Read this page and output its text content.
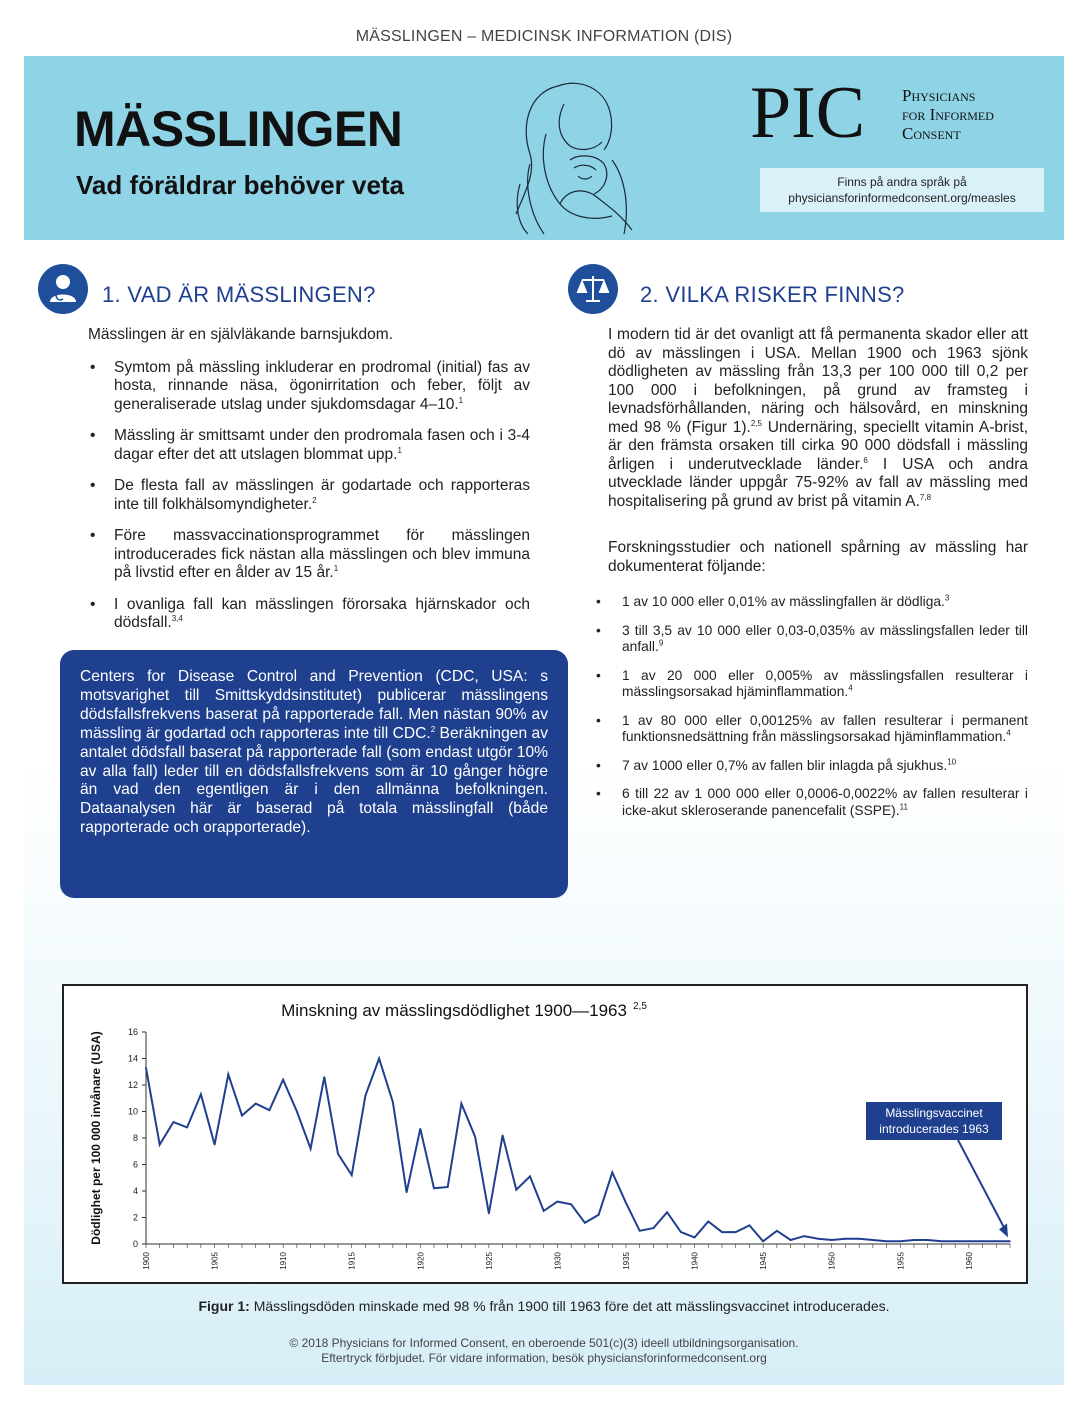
MÄSSLINGEN – MEDICINSK INFORMATION (DIS)
MÄSSLINGEN
Vad föräldrar behöver veta
PIC Physicians
for Informed
Consent
Finns på andra språk på
physiciansforinformedconsent.org/measles
1. VAD ÄR MÄSSLINGEN?

Mässlingen är en självläkande barnsjukdom.

• Symtom på mässling inkluderar en prodromal (initial) fas av hosta, rinnande näsa, ögonirritation och feber, följt av generaliserade utslag under sjukdomsdagar 4–10.$^1$
• Mässling är smittsamt under den prodromala fasen och i 3-4 dagar efter det att utslagen blommat upp.$^1$
• De flesta fall av mässlingen är godartade och rapporteras inte till folkhälsomyndigheter.$^2$
• Före massvaccinationsprogrammet för mässlingen introducerades fick nästan alla mässlingen och blev immuna på livstid efter en ålder av 15 år.$^1$
• I ovanliga fall kan mässlingen förorsaka hjärnskador och dödsfall.$^{3,4}$
Centers for Disease Control and Prevention (CDC, USA: s motsvarighet till Smittskyddsinstitutet) publicerar mässlingens dödsfallsfrekvens baserat på rapporterade fall. Men nästan 90% av mässling är godartad och rapporteras inte till CDC.$^2$ Beräkningen av antalet dödsfall baserat på rapporterade fall (som endast utgör 10% av alla fall) leder till en dödsfallsfrekvens som är 10 gånger högre än vad den egentligen är i den allmänna befolkningen. Dataanalysen här är baserad på totala mässlingfall (både rapporterade och orapporterade).
2. VILKA RISKER FINNS?

I modern tid är det ovanligt att få permanenta skador eller att dö av mässlingen i USA. Mellan 1900 och 1963 sjönk dödligheten av mässling från 13,3 per 100 000 till 0,2 per 100 000 i befolkningen, på grund av framsteg i levnadsförhållanden, näring och hälsovård, en minskning med 98 % (Figur 1).$^{2,5}$ Undernäring, speciellt vitamin A-brist, är den främsta orsaken till cirka 90 000 dödsfall i mässling årligen i underutvecklade länder.$^6$ I USA och andra utvecklade länder uppgår 75-92% av fall av mässling med hospitalisering på grund av brist på vitamin A.$^{7,8}$

Forskningsstudier och nationell spårning av mässling har dokumenterat följande:

• 1 av 10 000 eller 0,01% av mässlingfallen är dödliga.$^3$
• 3 till 3,5 av 10 000 eller 0,03-0,035% av mässlingsfallen leder till anfall.$^9$
• 1 av 20 000 eller 0,005% av mässlingsfallen resulterar i mässlingsorsakad hjäminflammation.$^4$
• 1 av 80 000 eller 0,00125% av fallen resulterar i permanent funktionsnedsättning från mässlingsorsakad hjäminflammation.$^4$
• 7 av 1000 eller 0,7% av fallen blir inlagda på sjukhus.$^{10}$
• 6 till 22 av 1 000 000 eller 0,0006-0,0022% av fallen resulterar i icke-akut skleroserande panencefalit (SSPE).$^{11}$
Minskning av mässlingsdödlighet 1900—1963 $^{2,5}$
Dödlighet per 100 000 invånare (USA)	0
2
4
6
8
10
12
14
16
1900	1905	1910	1915	1920	1925	1930	1935	1940	1945	1950	1955	1960
Mässlingsvaccinet
introducerades 1963
Figur 1: Mässlingsdöden minskade med 98 % från 1900 till 1963 före det att mässlingsvaccinet introducerades.
© 2018 Physicians for Informed Consent, en oberoende 501(c)(3) ideell utbildningsorganisation.
Eftertryck förbjudet. För vidare information, besök physiciansforinformedconsent.org
